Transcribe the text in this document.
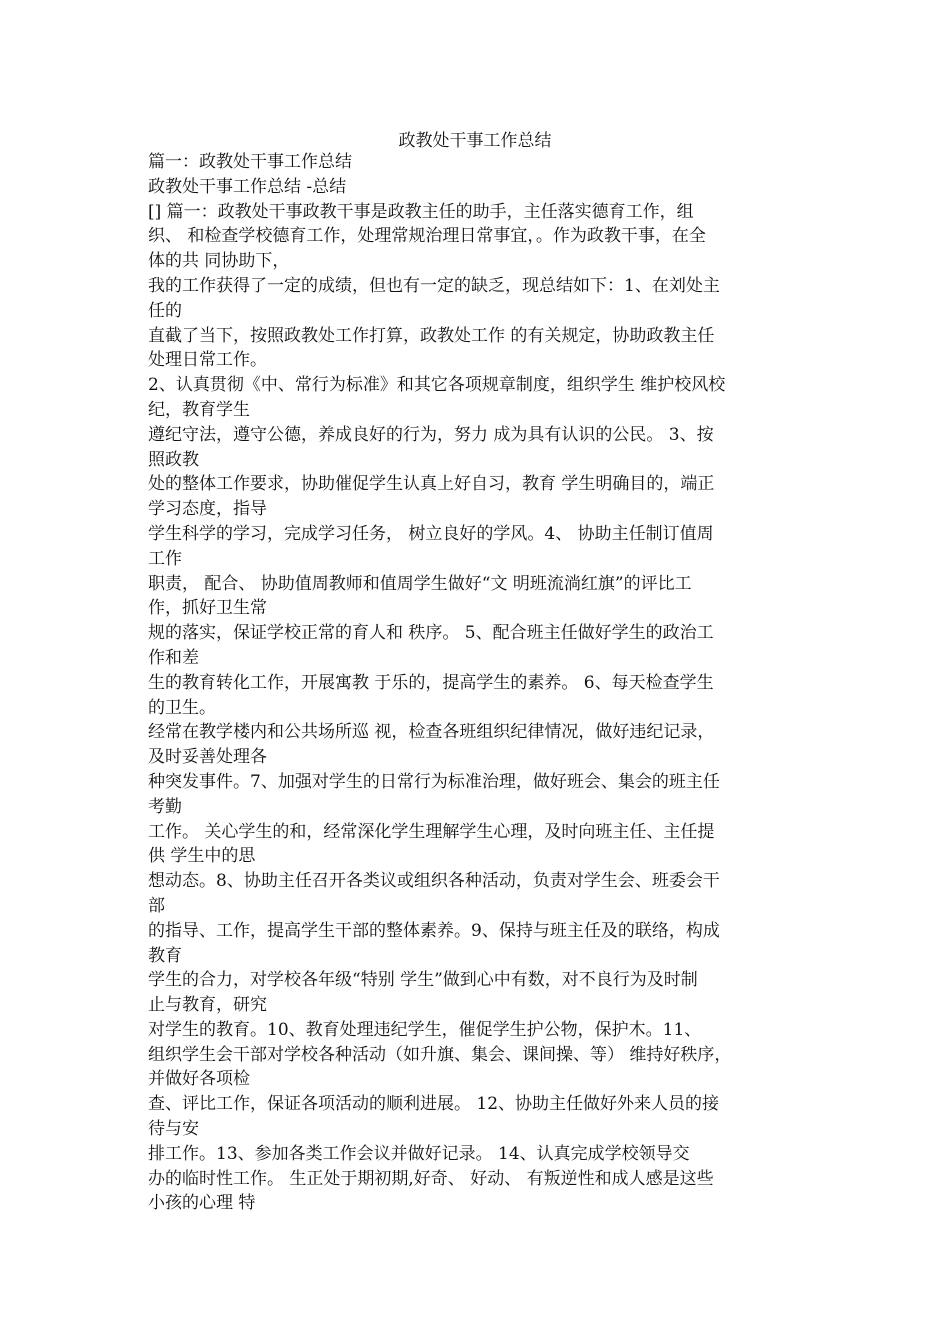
政教处干事工作总结
篇一：政教处干事工作总结
政教处干事工作总结 -总结
[] 篇一：政教处干事政教干事是政教主任的助手，主任落实德育工作，组
织、 和检查学校德育工作，处理常规治理日常事宜，。作为政教干事，在全
体的共 同协助下，
我的工作获得了一定的成绩，但也有一定的缺乏，现总结如下：1、在刘处主
任的
直截了当下，按照政教处工作打算，政教处工作 的有关规定，协助政教主任
处理日常工作。
2、认真贯彻《中、常行为标准》和其它各项规章制度，组织学生 维护校风校
纪，教育学生
遵纪守法，遵守公德，养成良好的行为，努力 成为具有认识的公民。 3、按
照政教
处的整体工作要求，协助催促学生认真上好自习，教育 学生明确目的，端正
学习态度，指导
学生科学的学习，完成学习任务， 树立良好的学风。4、 协助主任制订值周
工作
职责， 配合、 协助值周教师和值周学生做好“文 明班流淌红旗”的评比工
作，抓好卫生常
规的落实，保证学校正常的育人和 秩序。 5、配合班主任做好学生的政治工
作和差
生的教育转化工作，开展寓教 于乐的，提高学生的素养。 6、每天检查学生
的卫生。
经常在教学楼内和公共场所巡 视，检查各班组织纪律情况，做好违纪记录，
及时妥善处理各
种突发事件。7、加强对学生的日常行为标准治理，做好班会、集会的班主任
考勤
工作。 关心学生的和，经常深化学生理解学生心理，及时向班主任、主任提
供 学生中的思
想动态。8、协助主任召开各类议或组织各种活动，负责对学生会、班委会干
部
的指导、工作，提高学生干部的整体素养。9、保持与班主任及的联络，构成
教育
学生的合力，对学校各年级“特别 学生”做到心中有数，对不良行为及时制
止与教育，研究
对学生的教育。10、教育处理违纪学生，催促学生护公物，保护木。11、
组织学生会干部对学校各种活动（如升旗、集会、课间操、等） 维持好秩序，
并做好各项检
查、评比工作，保证各项活动的顺利进展。 12、协助主任做好外来人员的接
待与安
排工作。13、参加各类工作会议并做好记录。 14、认真完成学校领导交
办的临时性工作。 生正处于期初期,好奇、 好动、 有叛逆性和成人感是这些
小孩的心理 特
